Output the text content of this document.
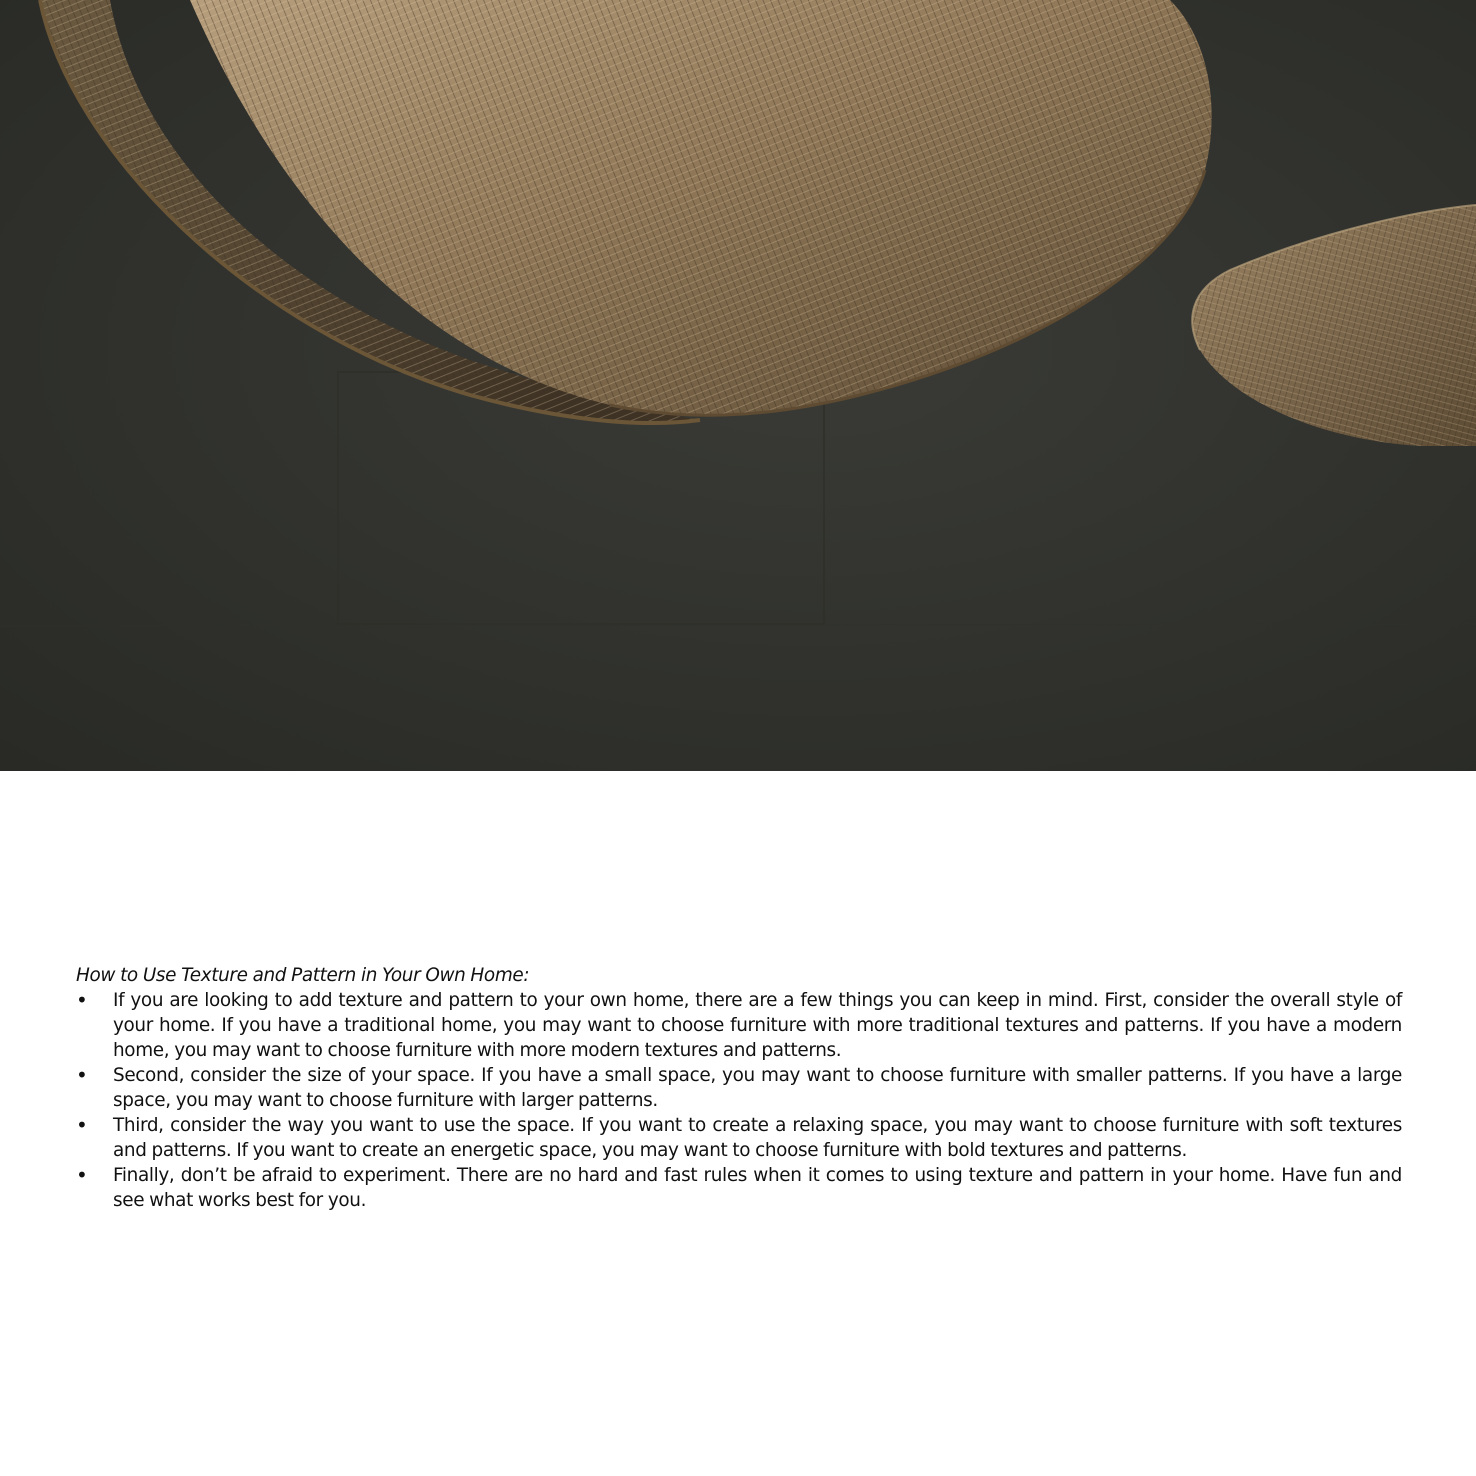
How to Use Texture and Pattern in Your Own Home:
• If you are looking to add texture and pattern to your own home, there are a few things you can keep in mind. First, consider the overall style of your home. If you have a traditional home, you may want to choose furniture with more traditional textures and patterns. If you have a modern home, you may want to choose furniture with more modern textures and patterns.
• Second, consider the size of your space. If you have a small space, you may want to choose furniture with smaller patterns. If you have a large space, you may want to choose furniture with larger patterns.
• Third, consider the way you want to use the space. If you want to create a relaxing space, you may want to choose furniture with soft textures and patterns. If you want to create an energetic space, you may want to choose furniture with bold textures and patterns.
• Finally, don’t be afraid to experiment. There are no hard and fast rules when it comes to using texture and pattern in your home. Have fun and see what works best for you.
